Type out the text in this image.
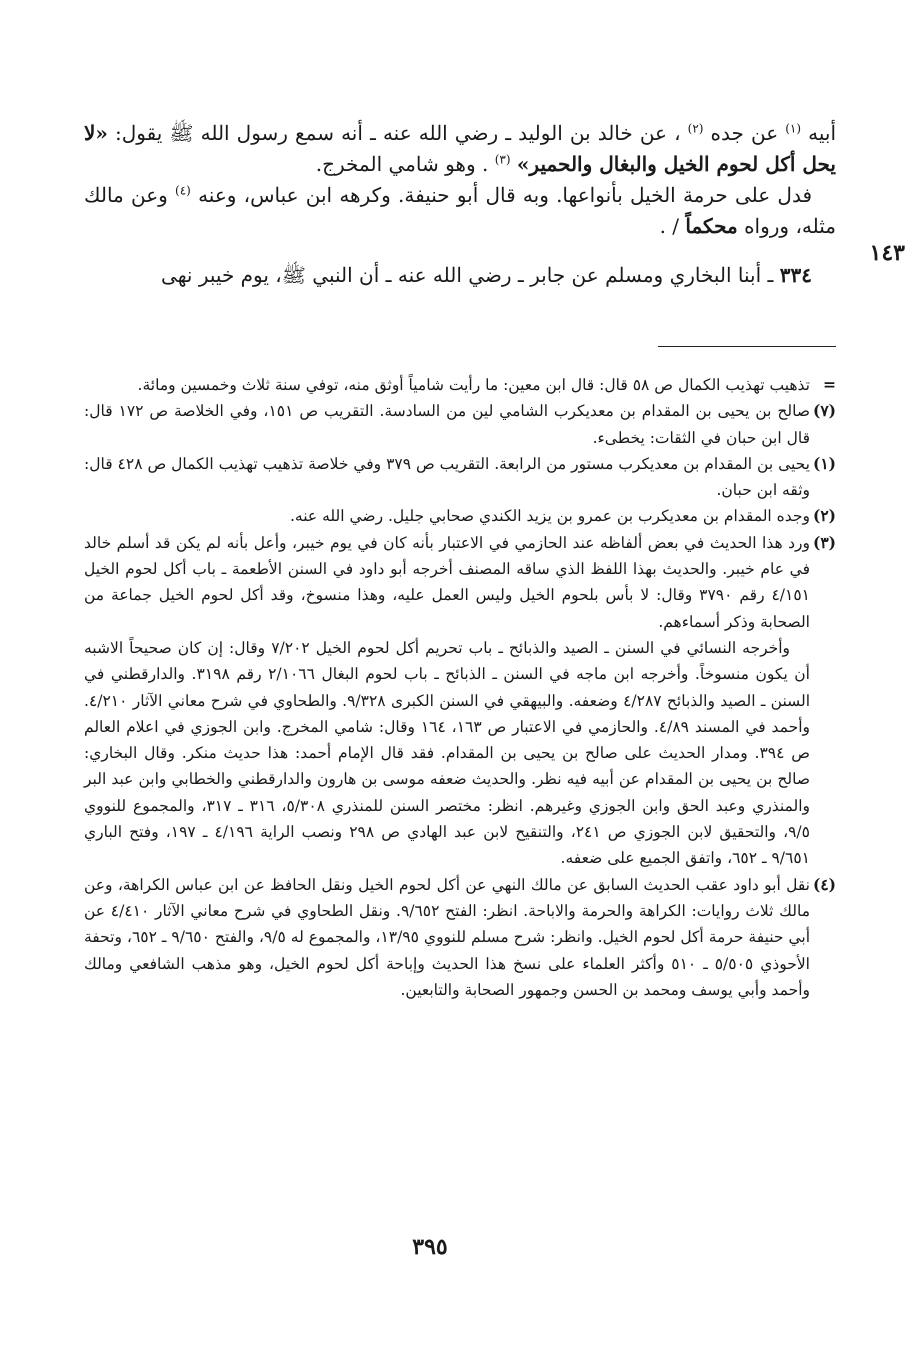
أبيه $^{(١)}$ عن جده $^{(٢)}$ ، عن خالد بن الوليد ـ رضي الله عنه ـ أنه سمع رسول الله ﷺ يقول: «لا يحل أكل لحوم الخيل والبغال والحمير» $^{(٣)}$ . وهو شامي المخرج.

فدل على حرمة الخيل بأنواعها. وبه قال أبو حنيفة. وكرهه ابن عباس، وعنه $^{(٤)}$ وعن مالك مثله، ورواه محكماً / .

٣٣٤ ـ أبنا البخاري ومسلم عن جابر ـ رضي الله عنه ـ أن النبي ﷺ، يوم خيبر نهى

١٤٣

=تذهيب تهذيب الكمال ص ٥٨ قال: قال ابن معين: ما رأيت شامياً أوثق منه، توفي سنة ثلاث وخمسين ومائة.

(٧)صالح بن يحيى بن المقدام بن معديكرب الشامي لين من السادسة. التقريب ص ١٥١، وفي الخلاصة ص ١٧٢ قال: قال ابن حبان في الثقات: يخطىء.

(١)يحيى بن المقدام بن معديكرب مستور من الرابعة. التقريب ص ٣٧٩ وفي خلاصة تذهيب تهذيب الكمال ص ٤٢٨ قال: وثقه ابن حبان.

(٢)وجده المقدام بن معديكرب بن عمرو بن يزيد الكندي صحابي جليل. رضي الله عنه.

(٣)ورد هذا الحديث في بعض ألفاظه عند الحازمي في الاعتبار بأنه كان في يوم خيبر، وأعل بأنه لم يكن قد أسلم خالد في عام خيبر. والحديث بهذا اللفظ الذي ساقه المصنف أخرجه أبو داود في السنن الأطعمة ـ باب أكل لحوم الخيل ٤/١٥١ رقم ٣٧٩٠ وقال: لا بأس بلحوم الخيل وليس العمل عليه، وهذا منسوخ، وقد أكل لحوم الخيل جماعة من الصحابة وذكر أسماءهم.

وأخرجه النسائي في السنن ـ الصيد والذبائح ـ باب تحريم أكل لحوم الخيل ٧/٢٠٢ وقال: إن كان صحيحاً الاشبه أن يكون منسوخاً. وأخرجه ابن ماجه في السنن ـ الذبائح ـ باب لحوم البغال ٢/١٠٦٦ رقم ٣١٩٨. والدارقطني في السنن ـ الصيد والذبائح ٤/٢٨٧ وضعفه. والبيهقي في السنن الكبرى ٩/٣٢٨. والطحاوي في شرح معاني الآثار ٤/٢١٠. وأحمد في المسند ٤/٨٩. والحازمي في الاعتبار ص ١٦٣، ١٦٤ وقال: شامي المخرج. وابن الجوزي في اعلام العالم ص ٣٩٤. ومدار الحديث على صالح بن يحيى بن المقدام. فقد قال الإمام أحمد: هذا حديث منكر. وقال البخاري: صالح بن يحيى بن المقدام عن أبيه فيه نظر. والحديث ضعفه موسى بن هارون والدارقطني والخطابي وابن عبد البر والمنذري وعبد الحق وابن الجوزي وغيرهم. انظر: مختصر السنن للمنذري ٥/٣٠٨، ٣١٦ ـ ٣١٧، والمجموع للنووي ٩/٥، والتحقيق لابن الجوزي ص ٢٤١، والتنقيح لابن عبد الهادي ص ٢٩٨ ونصب الراية ٤/١٩٦ ـ ١٩٧، وفتح الباري ٩/٦٥١ ـ ٦٥٢، واتفق الجميع على ضعفه.

(٤)نقل أبو داود عقب الحديث السابق عن مالك النهي عن أكل لحوم الخيل ونقل الحافظ عن ابن عباس الكراهة، وعن مالك ثلاث روايات: الكراهة والحرمة والاباحة. انظر: الفتح ٩/٦٥٢. ونقل الطحاوي في شرح معاني الآثار ٤/٤١٠ عن أبي حنيفة حرمة أكل لحوم الخيل. وانظر: شرح مسلم للنووي ١٣/٩٥، والمجموع له ٩/٥، والفتح ٩/٦٥٠ ـ ٦٥٢، وتحفة الأحوذي ٥/٥٠٥ ـ ٥١٠ وأكثر العلماء على نسخ هذا الحديث وإباحة أكل لحوم الخيل، وهو مذهب الشافعي ومالك وأحمد وأبي يوسف ومحمد بن الحسن وجمهور الصحابة والتابعين.

٣٩٥
